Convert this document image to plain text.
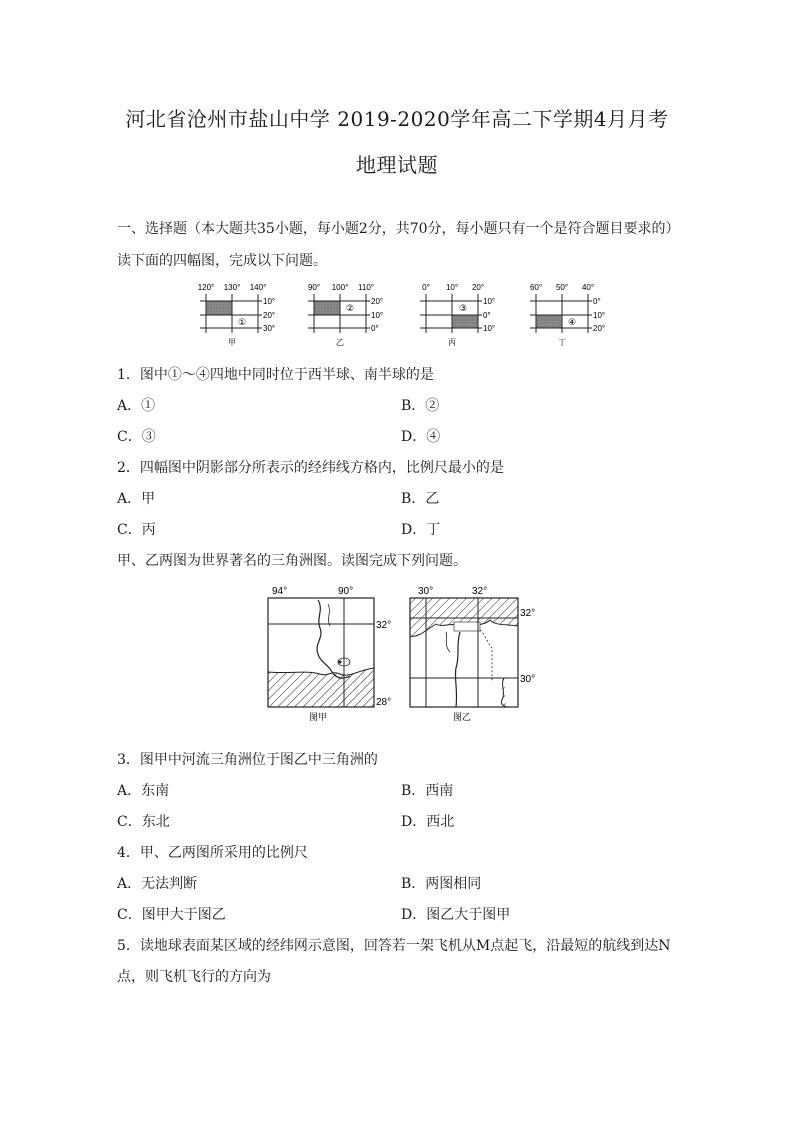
河北省沧州市盐山中学 2019-2020学年高二下学期4月月考
地理试题
一、选择题（本大题共35小题，每小题2分，共70分，每小题只有一个是符合题目要求的）
读下面的四幅图，完成以下问题。
120° 130° 140°
①
10°
20°
30°
甲
90° 100° 110°
②
20°
10°
0°
乙
0° 10° 20°
③
10°
0°
10°
丙
60° 50° 40°
④
0°
10°
20°
丁
1．图中①～④四地中同时位于西半球、南半球的是
A．①	B．②
C．③	D．④
2．四幅图中阴影部分所表示的经纬线方格内，比例尺最小的是
A．甲	B．乙
C．丙	D．丁
甲、乙两图为世界著名的三角洲图。读图完成下列问题。
94°	90°
32°
28°
图甲
30°	32°
32°
30°
图乙
3．图甲中河流三角洲位于图乙中三角洲的
A．东南	B．西南
C．东北	D．西北
4．甲、乙两图所采用的比例尺
A．无法判断	B．两图相同
C．图甲大于图乙	D．图乙大于图甲
5．读地球表面某区域的经纬网示意图，回答若一架飞机从M点起飞，沿最短的航线到达N
点，则飞机飞行的方向为
